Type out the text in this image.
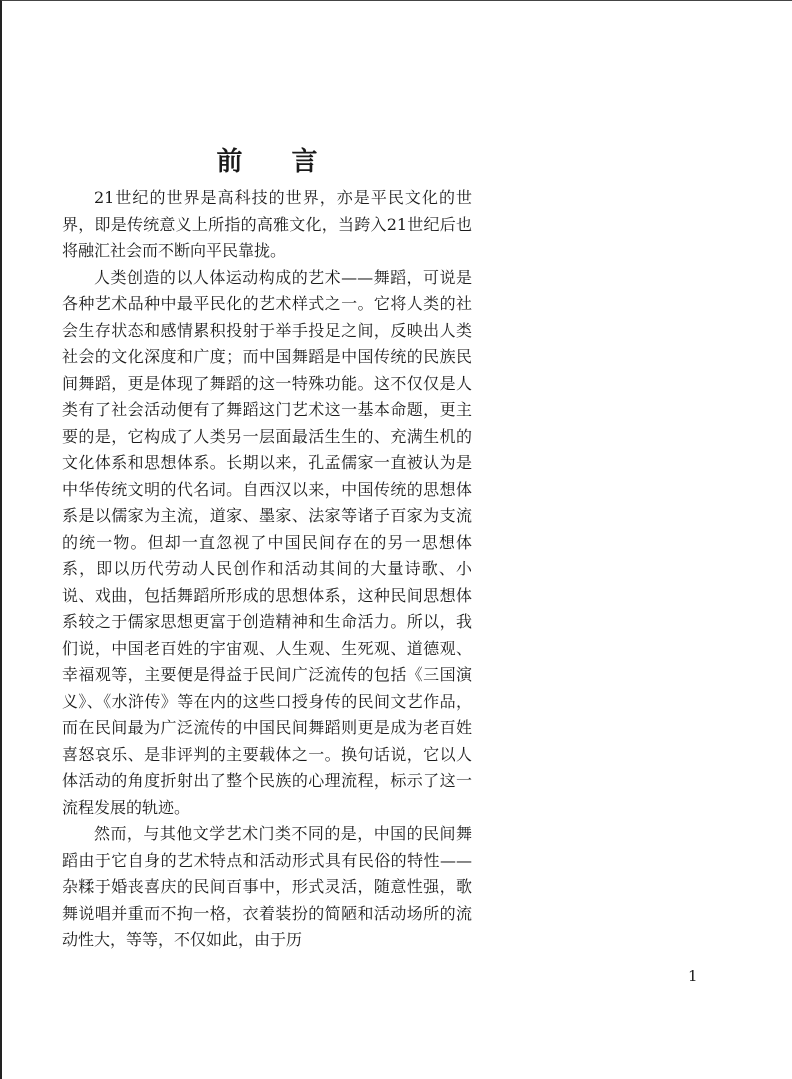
前 言

21世纪的世界是高科技的世界，亦是平民文化的世界，即是传统意义上所指的高雅文化，当跨入21世纪后也将融汇社会而不断向平民靠拢。

人类创造的以人体运动构成的艺术——舞蹈，可说是各种艺术品种中最平民化的艺术样式之一。它将人类的社会生存状态和感情累积投射于举手投足之间，反映出人类社会的文化深度和广度；而中国舞蹈是中国传统的民族民间舞蹈，更是体现了舞蹈的这一特殊功能。这不仅仅是人类有了社会活动便有了舞蹈这门艺术这一基本命题，更主要的是，它构成了人类另一层面最活生生的、充满生机的文化体系和思想体系。长期以来，孔孟儒家一直被认为是中华传统文明的代名词。自西汉以来，中国传统的思想体系是以儒家为主流，道家、墨家、法家等诸子百家为支流的统一物。但却一直忽视了中国民间存在的另一思想体系，即以历代劳动人民创作和活动其间的大量诗歌、小说、戏曲，包括舞蹈所形成的思想体系，这种民间思想体系较之于儒家思想更富于创造精神和生命活力。所以，我们说，中国老百姓的宇宙观、人生观、生死观、道德观、幸福观等，主要便是得益于民间广泛流传的包括《三国演义》、《水浒传》等在内的这些口授身传的民间文艺作品，而在民间最为广泛流传的中国民间舞蹈则更是成为老百姓喜怒哀乐、是非评判的主要载体之一。换句话说，它以人体活动的角度折射出了整个民族的心理流程，标示了这一流程发展的轨迹。

然而，与其他文学艺术门类不同的是，中国的民间舞蹈由于它自身的艺术特点和活动形式具有民俗的特性——杂糅于婚丧喜庆的民间百事中，形式灵活，随意性强，歌舞说唱并重而不拘一格，衣着装扮的简陋和活动场所的流动性大，等等，不仅如此，由于历

1
